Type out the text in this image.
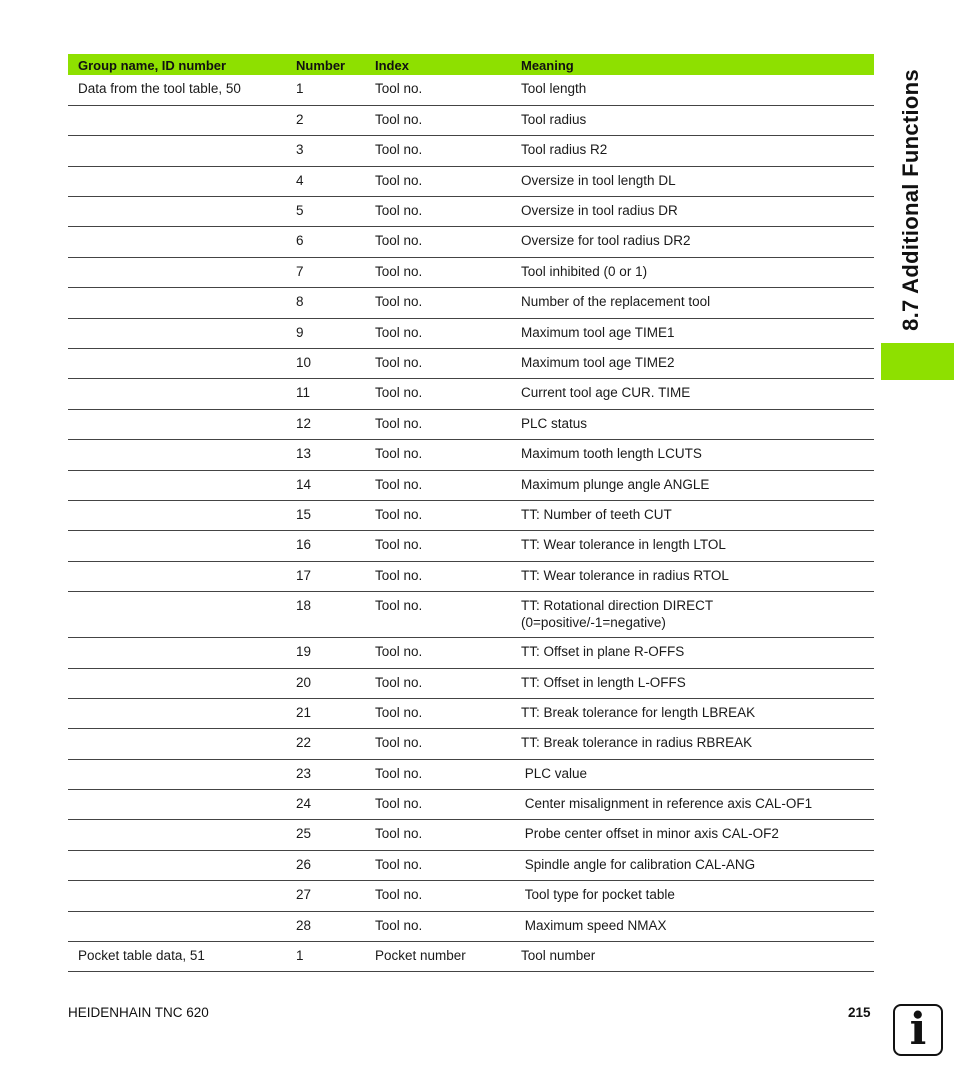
Group name, ID number	Number	Index	Meaning
Data from the tool table, 50	1	Tool no.	Tool length
	2	Tool no.	Tool radius
	3	Tool no.	Tool radius R2
	4	Tool no.	Oversize in tool length DL
	5	Tool no.	Oversize in tool radius DR
	6	Tool no.	Oversize for tool radius DR2
	7	Tool no.	Tool inhibited (0 or 1)
	8	Tool no.	Number of the replacement tool
	9	Tool no.	Maximum tool age TIME1
	10	Tool no.	Maximum tool age TIME2
	11	Tool no.	Current tool age CUR. TIME
	12	Tool no.	PLC status
	13	Tool no.	Maximum tooth length LCUTS
	14	Tool no.	Maximum plunge angle ANGLE
	15	Tool no.	TT: Number of teeth CUT
	16	Tool no.	TT: Wear tolerance in length LTOL
	17	Tool no.	TT: Wear tolerance in radius RTOL
	18	Tool no.	TT: Rotational direction DIRECT
(0=positive/-1=negative)
	19	Tool no.	TT: Offset in plane R-OFFS
	20	Tool no.	TT: Offset in length L-OFFS
	21	Tool no.	TT: Break tolerance for length LBREAK
	22	Tool no.	TT: Break tolerance in radius RBREAK
	23	Tool no.	PLC value
	24	Tool no.	Center misalignment in reference axis CAL-OF1
	25	Tool no.	Probe center offset in minor axis CAL-OF2
	26	Tool no.	Spindle angle for calibration CAL-ANG
	27	Tool no.	Tool type for pocket table
	28	Tool no.	Maximum speed NMAX
Pocket table data, 51	1	Pocket number	Tool number
8.7 Additional Functions
HEIDENHAIN TNC 620	215 i
